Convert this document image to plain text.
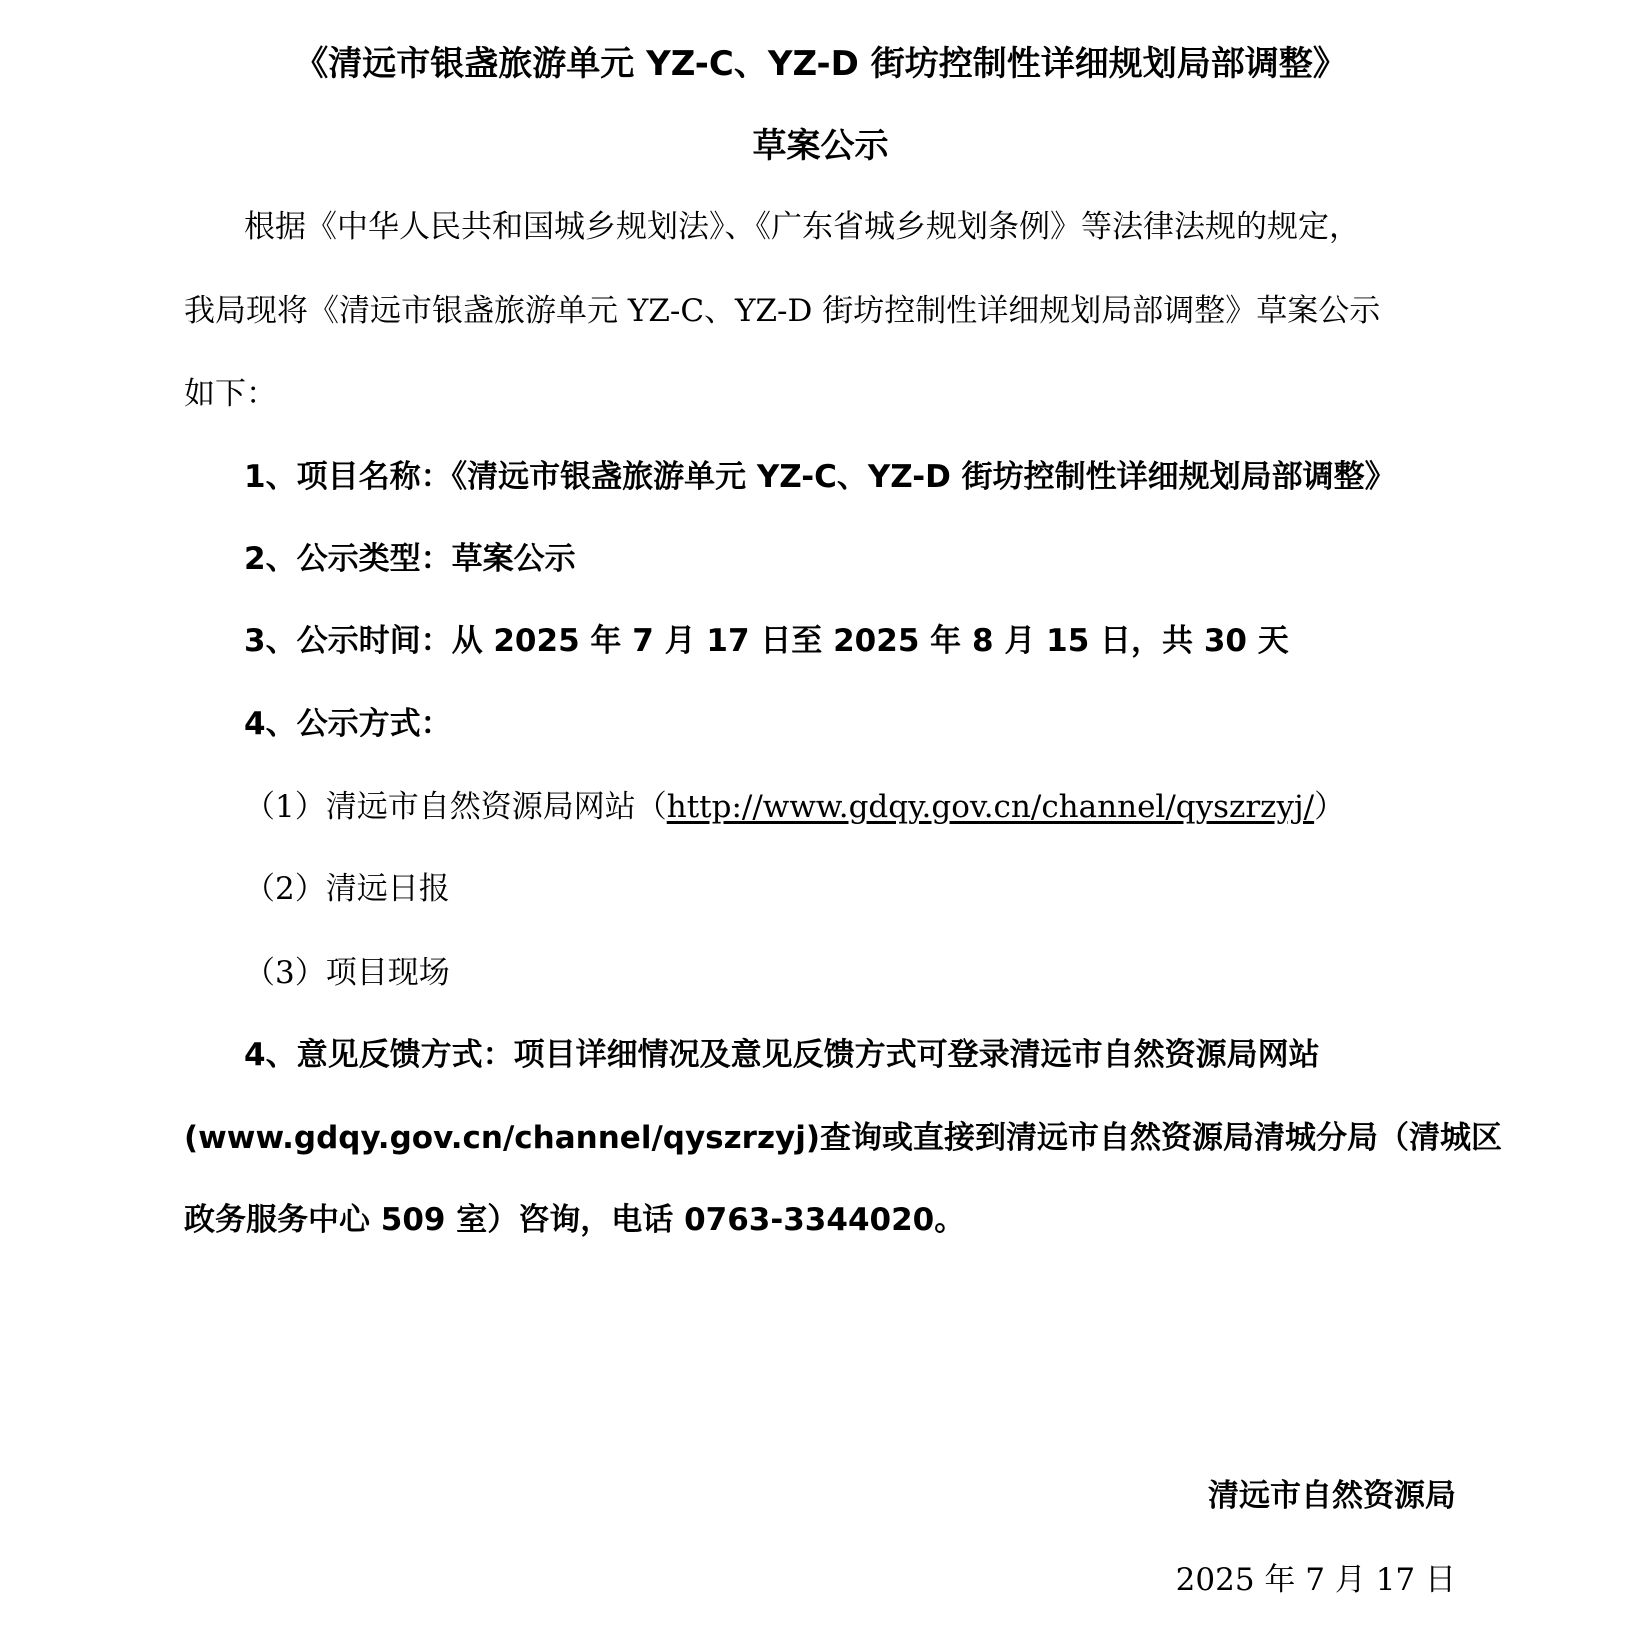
《清远市银盏旅游单元 YZ-C、YZ-D 街坊控制性详细规划局部调整》
草案公示
根据《中华人民共和国城乡规划法》、《广东省城乡规划条例》等法律法规的规定，
我局现将《清远市银盏旅游单元 YZ-C、YZ-D 街坊控制性详细规划局部调整》草案公示
如下：
1、项目名称：《清远市银盏旅游单元 YZ-C、YZ-D 街坊控制性详细规划局部调整》
2、公示类型：草案公示
3、公示时间：从 2025 年 7 月 17 日至 2025 年 8 月 15 日，共 30 天
4、公示方式：
（1）清远市自然资源局网站（http://www.gdqy.gov.cn/channel/qyszrzyj/）
（2）清远日报
（3）项目现场
4、意见反馈方式：项目详细情况及意见反馈方式可登录清远市自然资源局网站
(www.gdqy.gov.cn/channel/qyszrzyj)查询或直接到清远市自然资源局清城分局（清城区
政务服务中心 509 室）咨询，电话 0763-3344020。
清远市自然资源局
2025 年 7 月 17 日
